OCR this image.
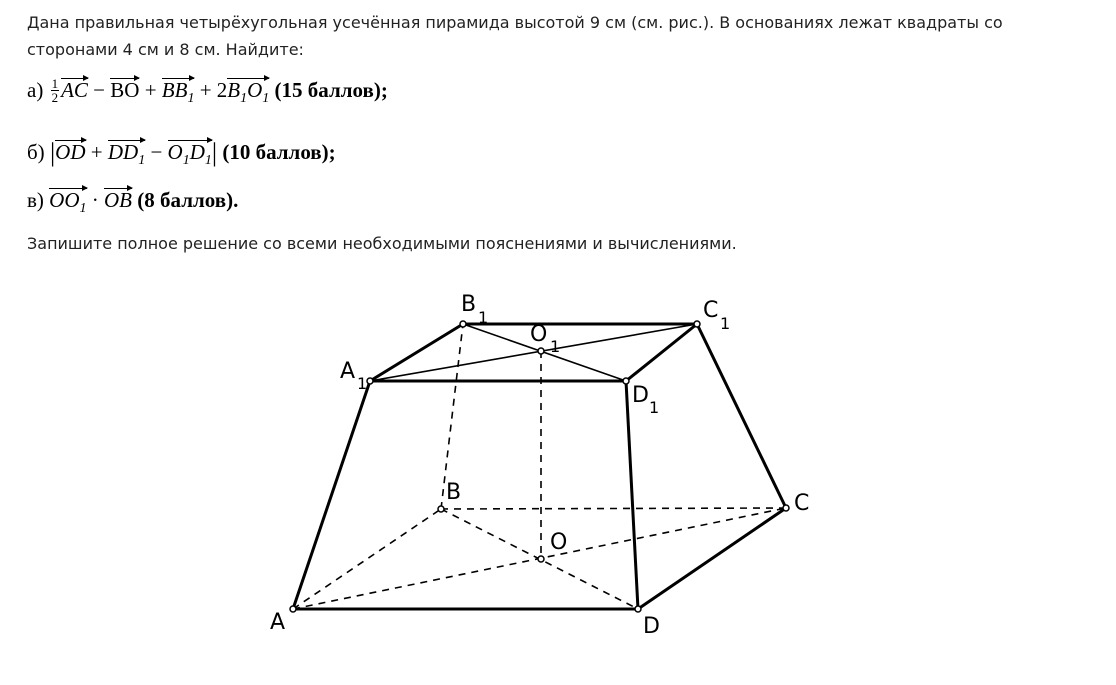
Дана правильная четырёхугольная усечённая пирамида высотой 9 см (см. рис.). В основаниях лежат квадраты со сторонами 4 см и 8 см. Найдите:

$а) \frac{1}{2}$ AC − BO + $BB_1 + 2B_1O_1$ (15 баллов);
б) $|OD + DD_1 - O_1D_1|$ (10 баллов);
в) $OO_1$ · OB (8 баллов).

Запишите полное решение со всеми необходимыми пояснениями и вычислениями.

B
1	C
1
O 1
A 1	D 1
B	C
O
A	D
